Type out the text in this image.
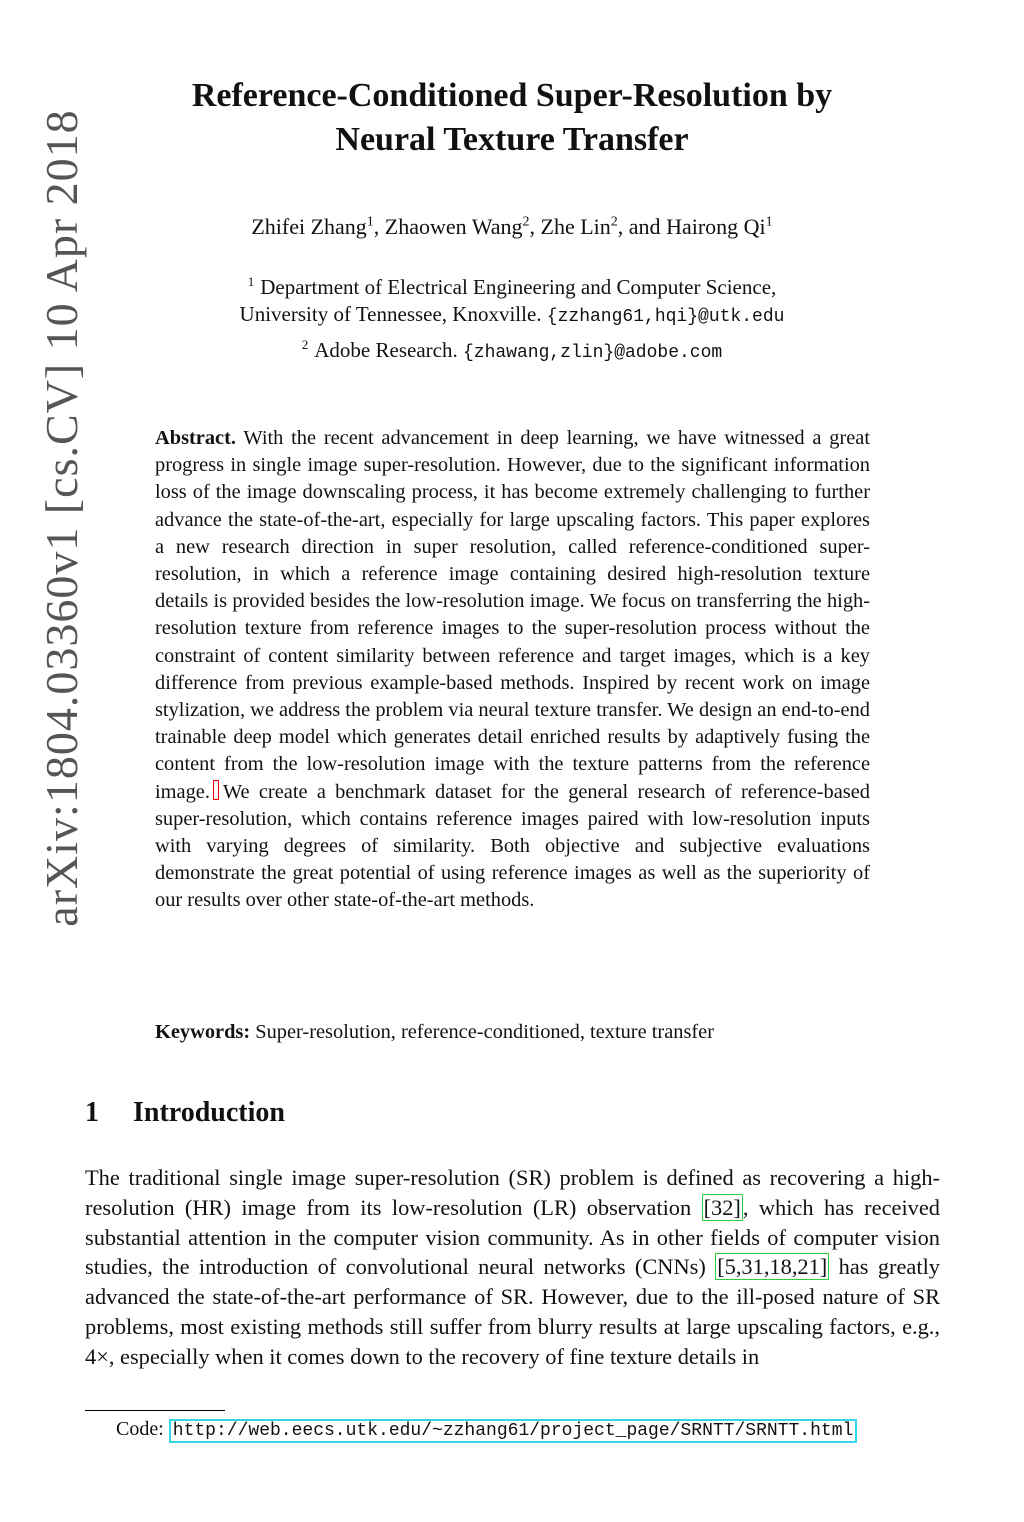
arXiv:1804.03360v1 [cs.CV] 10 Apr 2018
Reference-Conditioned Super-Resolution by
Neural Texture Transfer
Zhifei Zhang$^1$, Zhaowen Wang$^2$, Zhe Lin$^2$, and Hairong Qi$^1$
$^1$ Department of Electrical Engineering and Computer Science,
University of Tennessee, Knoxville. {zzhang61,hqi}@utk.edu
$^2$ Adobe Research. {zhawang,zlin}@adobe.com
Abstract. With the recent advancement in deep learning, we have witnessed a great progress in single image super-resolution. However, due to the significant information loss of the image downscaling process, it has become extremely challenging to further advance the state-of-the-art, especially for large upscaling factors. This paper explores a new research direction in super resolution, called reference-conditioned super-resolution, in which a reference image containing desired high-resolution texture details is provided besides the low-resolution image. We focus on transferring the high-resolution texture from reference images to the super-resolution process without the constraint of content similarity between reference and target images, which is a key difference from previous example-based methods. Inspired by recent work on image stylization, we address the problem via neural texture transfer. We design an end-to-end trainable deep model which generates detail enriched results by adaptively fusing the content from the low-resolution image with the texture patterns from the reference image. We create a benchmark dataset for the general research of reference-based super-resolution, which contains reference images paired with low-resolution inputs with varying degrees of similarity. Both objective and subjective evaluations demonstrate the great potential of using reference images as well as the superiority of our results over other state-of-the-art methods.
Keywords: Super-resolution, reference-conditioned, texture transfer
1 Introduction
The traditional single image super-resolution (SR) problem is defined as recovering a high-resolution (HR) image from its low-resolution (LR) observation [32], which has received substantial attention in the computer vision community. As in other fields of computer vision studies, the introduction of convolutional neural networks (CNNs) [5,31,18,21] has greatly advanced the state-of-the-art performance of SR. However, due to the ill-posed nature of SR problems, most existing methods still suffer from blurry results at large upscaling factors, e.g., 4×, especially when it comes down to the recovery of fine texture details in
Code: http://web.eecs.utk.edu/~zzhang61/project_page/SRNTT/SRNTT.html
